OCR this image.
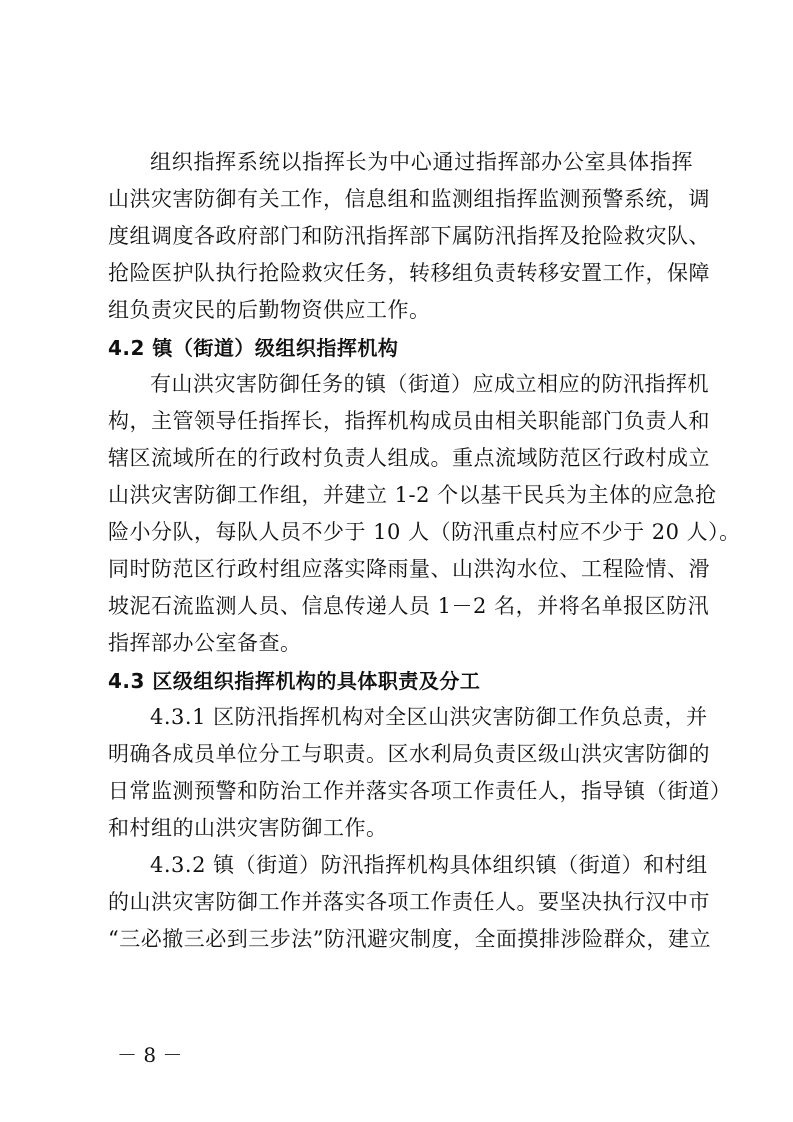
组织指挥系统以指挥长为中心通过指挥部办公室具体指挥
山洪灾害防御有关工作，信息组和监测组指挥监测预警系统，调
度组调度各政府部门和防汛指挥部下属防汛指挥及抢险救灾队、
抢险医护队执行抢险救灾任务，转移组负责转移安置工作，保障
组负责灾民的后勤物资供应工作。
4.2 镇（街道）级组织指挥机构
有山洪灾害防御任务的镇（街道）应成立相应的防汛指挥机
构，主管领导任指挥长，指挥机构成员由相关职能部门负责人和
辖区流域所在的行政村负责人组成。重点流域防范区行政村成立
山洪灾害防御工作组，并建立 1-2 个以基干民兵为主体的应急抢
险小分队，每队人员不少于 10 人（防汛重点村应不少于 20 人）。
同时防范区行政村组应落实降雨量、山洪沟水位、工程险情、滑
坡泥石流监测人员、信息传递人员 1－2 名，并将名单报区防汛
指挥部办公室备查。
4.3 区级组织指挥机构的具体职责及分工
4.3.1 区防汛指挥机构对全区山洪灾害防御工作负总责，并
明确各成员单位分工与职责。区水利局负责区级山洪灾害防御的
日常监测预警和防治工作并落实各项工作责任人，指导镇（街道）
和村组的山洪灾害防御工作。
4.3.2 镇（街道）防汛指挥机构具体组织镇（街道）和村组
的山洪灾害防御工作并落实各项工作责任人。要坚决执行汉中市
“三必撤三必到三步法”防汛避灾制度，全面摸排涉险群众，建立
－ 8 －
